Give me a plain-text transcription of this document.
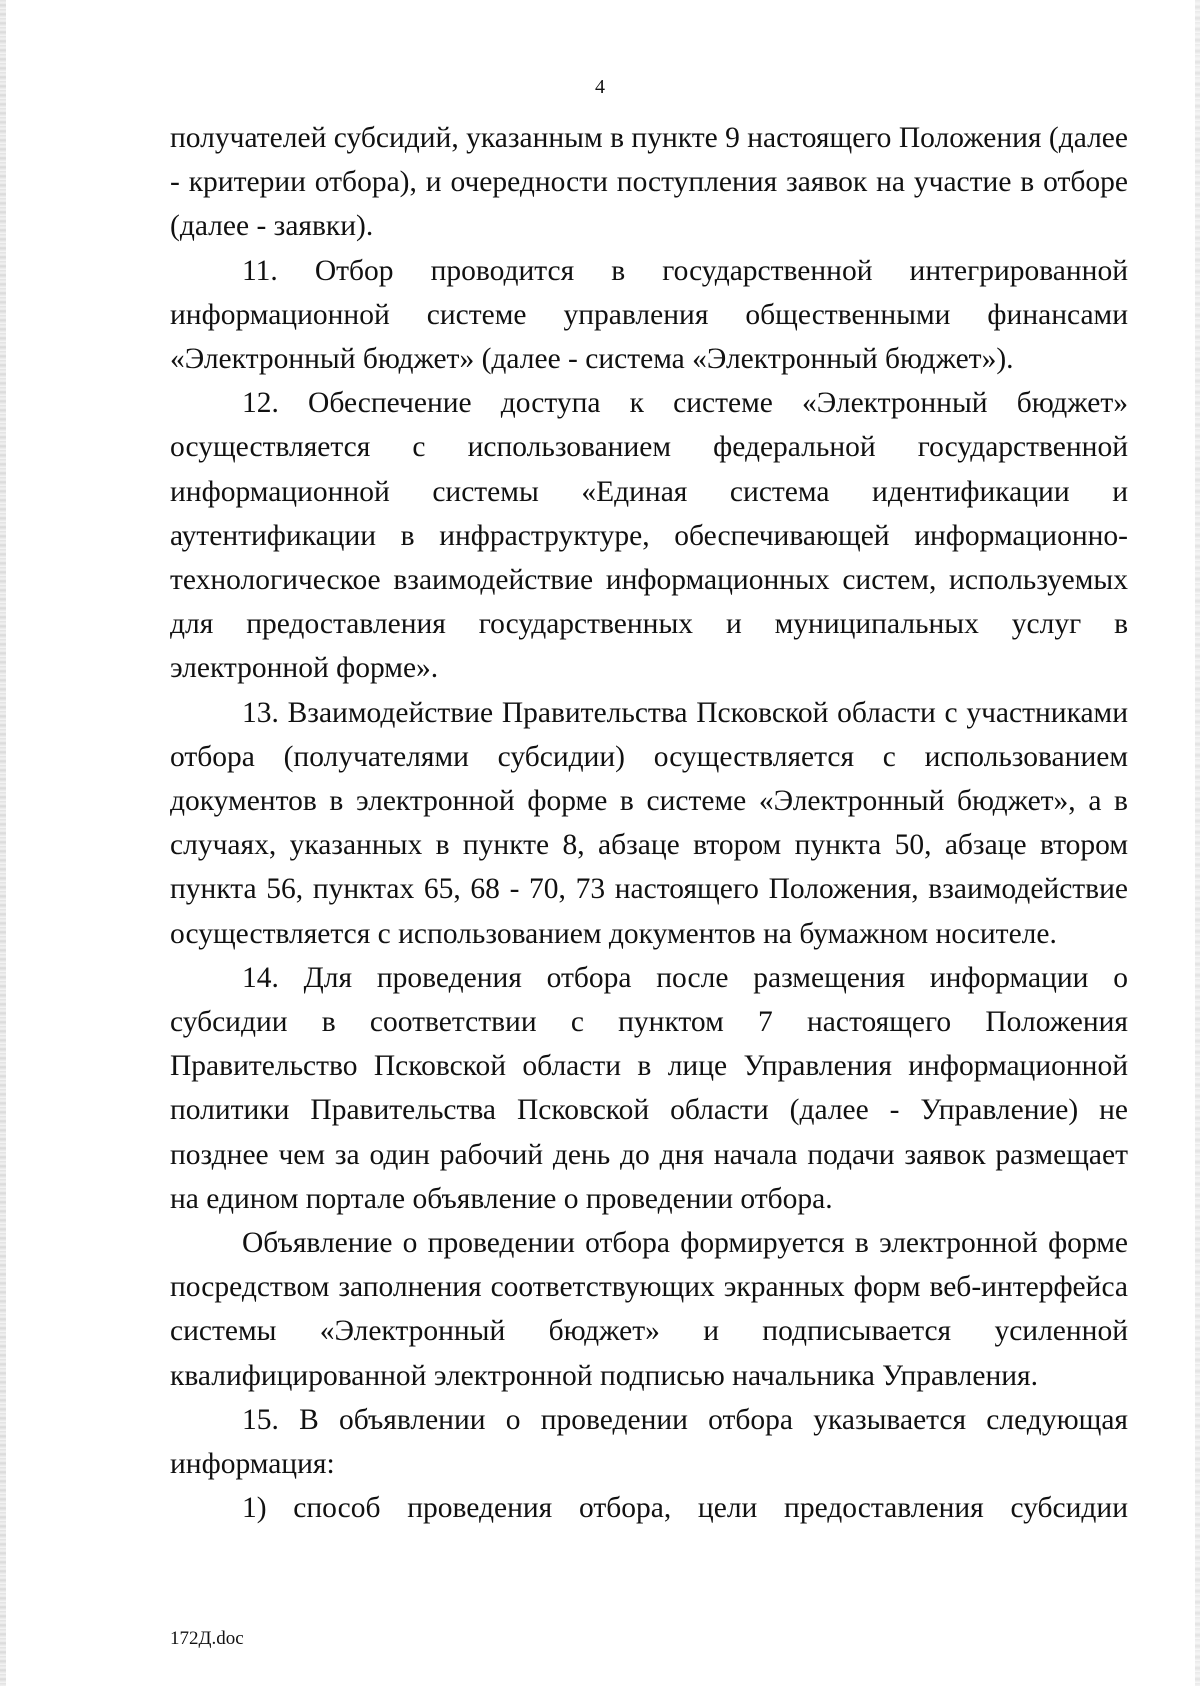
4

получателей субсидий, указанным в пункте 9 настоящего Положения (далее - критерии отбора), и очередности поступления заявок на участие в отборе (далее - заявки).

11. Отбор проводится в государственной интегрированной информационной системе управления общественными финансами «Электронный бюджет» (далее - система «Электронный бюджет»).

12. Обеспечение доступа к системе «Электронный бюджет» осуществляется с использованием федеральной государственной информационной системы «Единая система идентификации и аутентификации в инфраструктуре, обеспечивающей информационно-технологическое взаимодействие информационных систем, используемых для предоставления государственных и муниципальных услуг в электронной форме».

13. Взаимодействие Правительства Псковской области с участниками отбора (получателями субсидии) осуществляется с использованием документов в электронной форме в системе «Электронный бюджет», а в случаях, указанных в пункте 8, абзаце втором пункта 50, абзаце втором пункта 56, пунктах 65, 68 - 70, 73 настоящего Положения, взаимодействие осуществляется с использованием документов на бумажном носителе.

14. Для проведения отбора после размещения информации о субсидии в соответствии с пунктом 7 настоящего Положения Правительство Псковской области в лице Управления информационной политики Правительства Псковской области (далее - Управление) не позднее чем за один рабочий день до дня начала подачи заявок размещает на едином портале объявление о проведении отбора.

Объявление о проведении отбора формируется в электронной форме посредством заполнения соответствующих экранных форм веб-интерфейса системы «Электронный бюджет» и подписывается усиленной квалифицированной электронной подписью начальника Управления.

15. В объявлении о проведении отбора указывается следующая информация:

1) способ проведения отбора, цели предоставления субсидии

172Д.doc
